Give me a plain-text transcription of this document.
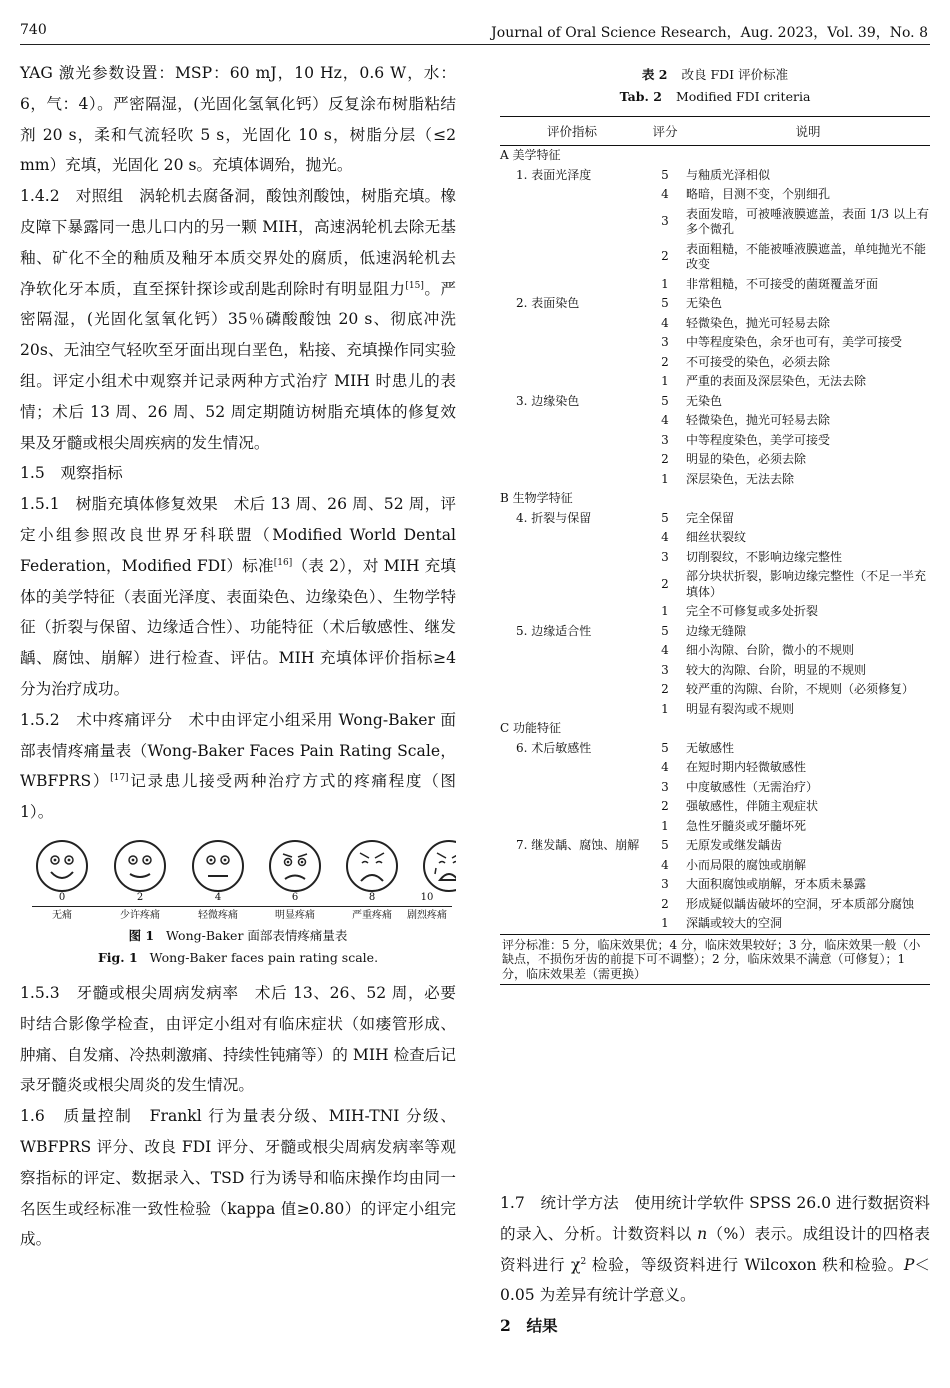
740	Journal of Oral Science Research，Aug. 2023，Vol. 39，No. 8

YAG 激光参数设置：MSP：60 mJ，10 Hz，0.6 W，水：6，气：4）。严密隔湿，(光固化氢氧化钙）反复涂布树脂粘结剂 20 s，柔和气流轻吹 5 s，光固化 10 s，树脂分层（≤2 mm）充填，光固化 20 s。充填体调殆，抛光。

1.4.2　对照组　涡轮机去腐备洞，酸蚀剂酸蚀，树脂充填。橡皮障下暴露同一患儿口内的另一颗 MIH，高速涡轮机去除无基釉、矿化不全的釉质及釉牙本质交界处的腐质，低速涡轮机去净软化牙本质，直至探针探诊或刮匙刮除时有明显阻力[15]。严密隔湿，(光固化氢氧化钙）35％磷酸酸蚀 20 s、彻底冲洗 20s、无油空气轻吹至牙面出现白垩色，粘接、充填操作同实验组。评定小组术中观察并记录两种方式治疗 MIH 时患儿的表情；术后 13 周、26 周、52 周定期随访树脂充填体的修复效果及牙髓或根尖周疾病的发生情况。

1.5　观察指标

1.5.1　树脂充填体修复效果　术后 13 周、26 周、52 周，评定小组参照改良世界牙科联盟（Modified World Dental Federation，Modified FDI）标准[16]（表 2），对 MIH 充填体的美学特征（表面光泽度、表面染色、边缘染色）、生物学特征（折裂与保留、边缘适合性）、功能特征（术后敏感性、继发龋、腐蚀、崩解）进行检查、评估。MIH 充填体评价指标≥4 分为治疗成功。

1.5.2　术中疼痛评分　术中由评定小组采用 Wong-Baker 面部表情疼痛量表（Wong-Baker Faces Pain Rating Scale，WBFPRS）[17]记录患儿接受两种治疗方式的疼痛程度（图 1）。

0	2	4	6	8	10
无痛	少许疼痛	轻微疼痛	明显疼痛	严重疼痛	剧烈疼痛
图 1 Wong-Baker 面部表情疼痛量表
Fig. 1 Wong-Baker faces pain rating scale.

1.5.3　牙髓或根尖周病发病率　术后 13、26、52 周，必要时结合影像学检查，由评定小组对有临床症状（如瘘管形成、肿痛、自发痛、冷热刺激痛、持续性钝痛等）的 MIH 检查后记录牙髓炎或根尖周炎的发生情况。

1.6　质量控制　Frankl 行为量表分级、MIH-TNI 分级、WBFPRS 评分、改良 FDI 评分、牙髓或根尖周病发病率等观察指标的评定、数据录入、TSD 行为诱导和临床操作均由同一名医生或经标准一致性检验（kappa 值≥0.80）的评定小组完成。

表 2 改良 FDI 评价标准
Tab. 2 Modified FDI criteria
评价指标	评分	说明
A 美学特征		
1. 表面光泽度	5	与釉质光泽相似
	4	略暗，目测不变，个别细孔
	3	表面发暗，可被唾液膜遮盖，表面 1/3 以上有多个微孔
	2	表面粗糙，不能被唾液膜遮盖，单纯抛光不能改变
	1	非常粗糙，不可接受的菌斑覆盖牙面
2. 表面染色	5	无染色
	4	轻微染色，抛光可轻易去除
	3	中等程度染色，余牙也可有，美学可接受
	2	不可接受的染色，必须去除
	1	严重的表面及深层染色，无法去除
3. 边缘染色	5	无染色
	4	轻微染色，抛光可轻易去除
	3	中等程度染色，美学可接受
	2	明显的染色，必须去除
	1	深层染色，无法去除
B 生物学特征		
4. 折裂与保留	5	完全保留
	4	细丝状裂纹
	3	切削裂纹，不影响边缘完整性
	2	部分块状折裂，影响边缘完整性（不足一半充填体）
	1	完全不可修复或多处折裂
5. 边缘适合性	5	边缘无缝隙
	4	细小沟隙、台阶，微小的不规则
	3	较大的沟隙、台阶，明显的不规则
	2	较严重的沟隙、台阶，不规则（必须修复）
	1	明显有裂沟或不规则
C 功能特征		
6. 术后敏感性	5	无敏感性
	4	在短时期内轻微敏感性
	3	中度敏感性（无需治疗）
	2	强敏感性，伴随主观症状
	1	急性牙髓炎或牙髓坏死
7. 继发龋、腐蚀、崩解	5	无原发或继发龋齿
	4	小而局限的腐蚀或崩解
	3	大面积腐蚀或崩解，牙本质未暴露
	2	形成疑似龋齿破坏的空洞，牙本质部分腐蚀
	1	深龋或较大的空洞
评分标准：5 分，临床效果优；4 分，临床效果较好；3 分，临床效果一般（小缺点，不损伤牙齿的前提下可不调整）；2 分，临床效果不满意（可修复）；1 分，临床效果差（需更换）

1.7　统计学方法　使用统计学软件 SPSS 26.0 进行数据资料的录入、分析。计数资料以 n（%）表示。成组设计的四格表资料进行 $\chi^2$ 检验，等级资料进行 Wilcoxon 秩和检验。P＜0.05 为差异有统计学意义。

2　结果
